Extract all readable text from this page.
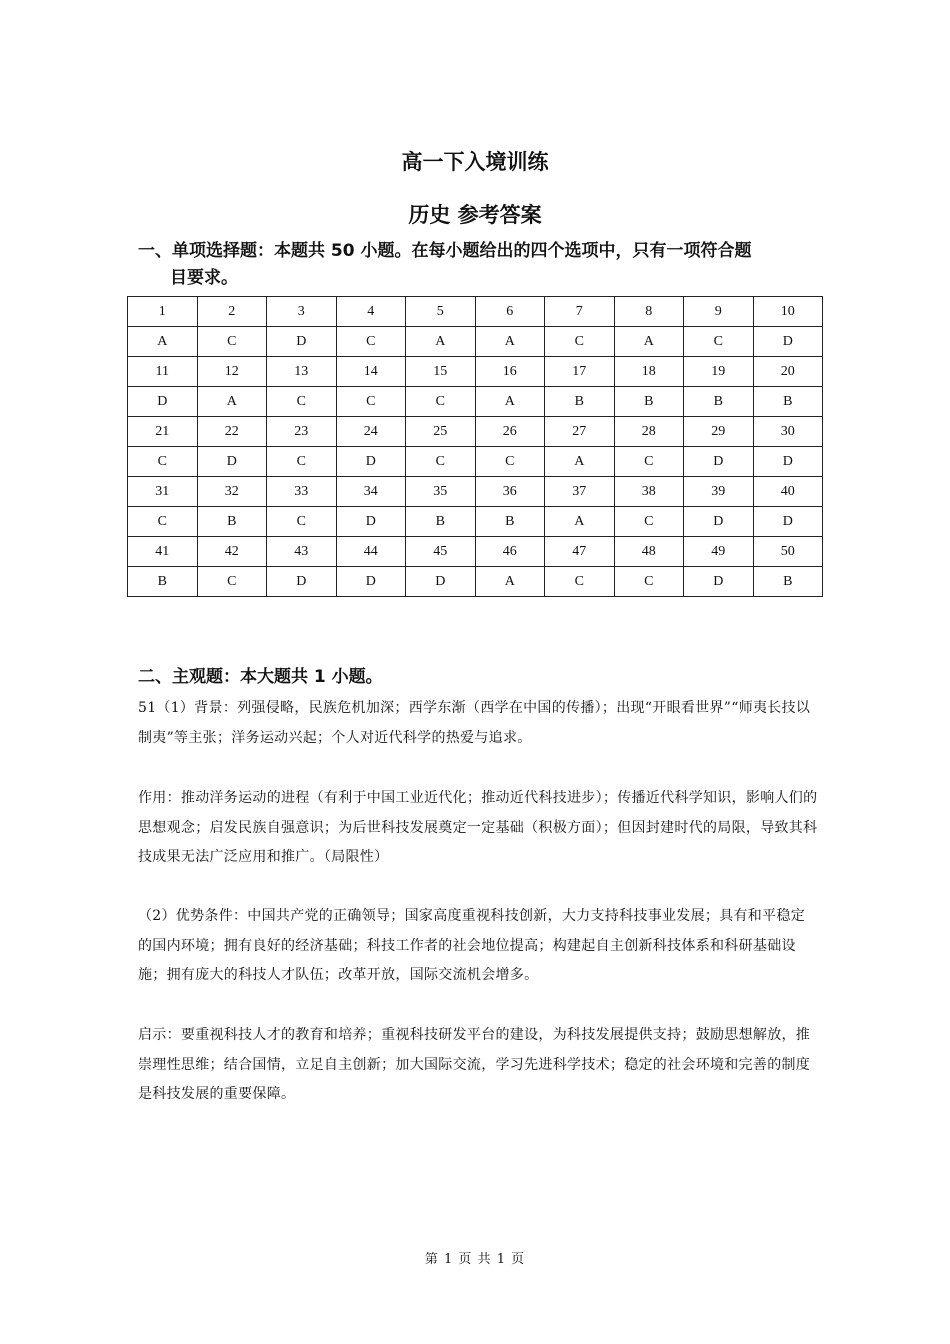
高一下入境训练
历史 参考答案

一、单项选择题：本题共 50 小题。在每小题给出的四个选项中，只有一项符合题
目要求。

1	2	3	4	5	6	7	8	9	10
A	C	D	C	A	A	C	A	C	D
11	12	13	14	15	16	17	18	19	20
D	A	C	C	C	A	B	B	B	B
21	22	23	24	25	26	27	28	29	30
C	D	C	D	C	C	A	C	D	D
31	32	33	34	35	36	37	38	39	40
C	B	C	D	B	B	A	C	D	D
41	42	43	44	45	46	47	48	49	50
B	C	D	D	D	A	C	C	D	B

二、主观题：本大题共 1 小题。

51（1）背景：列强侵略，民族危机加深；西学东渐（西学在中国的传播）；出现“开眼看世界”“师夷长技以制夷”等主张；洋务运动兴起；个人对近代科学的热爱与追求。

作用：推动洋务运动的进程（有利于中国工业近代化；推动近代科技进步）；传播近代科学知识，影响人们的思想观念；启发民族自强意识；为后世科技发展奠定一定基础（积极方面）；但因封建时代的局限，导致其科技成果无法广泛应用和推广。（局限性）

（2）优势条件：中国共产党的正确领导；国家高度重视科技创新，大力支持科技事业发展；具有和平稳定的国内环境；拥有良好的经济基础；科技工作者的社会地位提高；构建起自主创新科技体系和科研基础设施；拥有庞大的科技人才队伍；改革开放，国际交流机会增多。

启示：要重视科技人才的教育和培养；重视科技研发平台的建设，为科技发展提供支持；鼓励思想解放，推崇理性思维；结合国情，立足自主创新；加大国际交流，学习先进科学技术；稳定的社会环境和完善的制度是科技发展的重要保障。

第 1 页 共 1 页
